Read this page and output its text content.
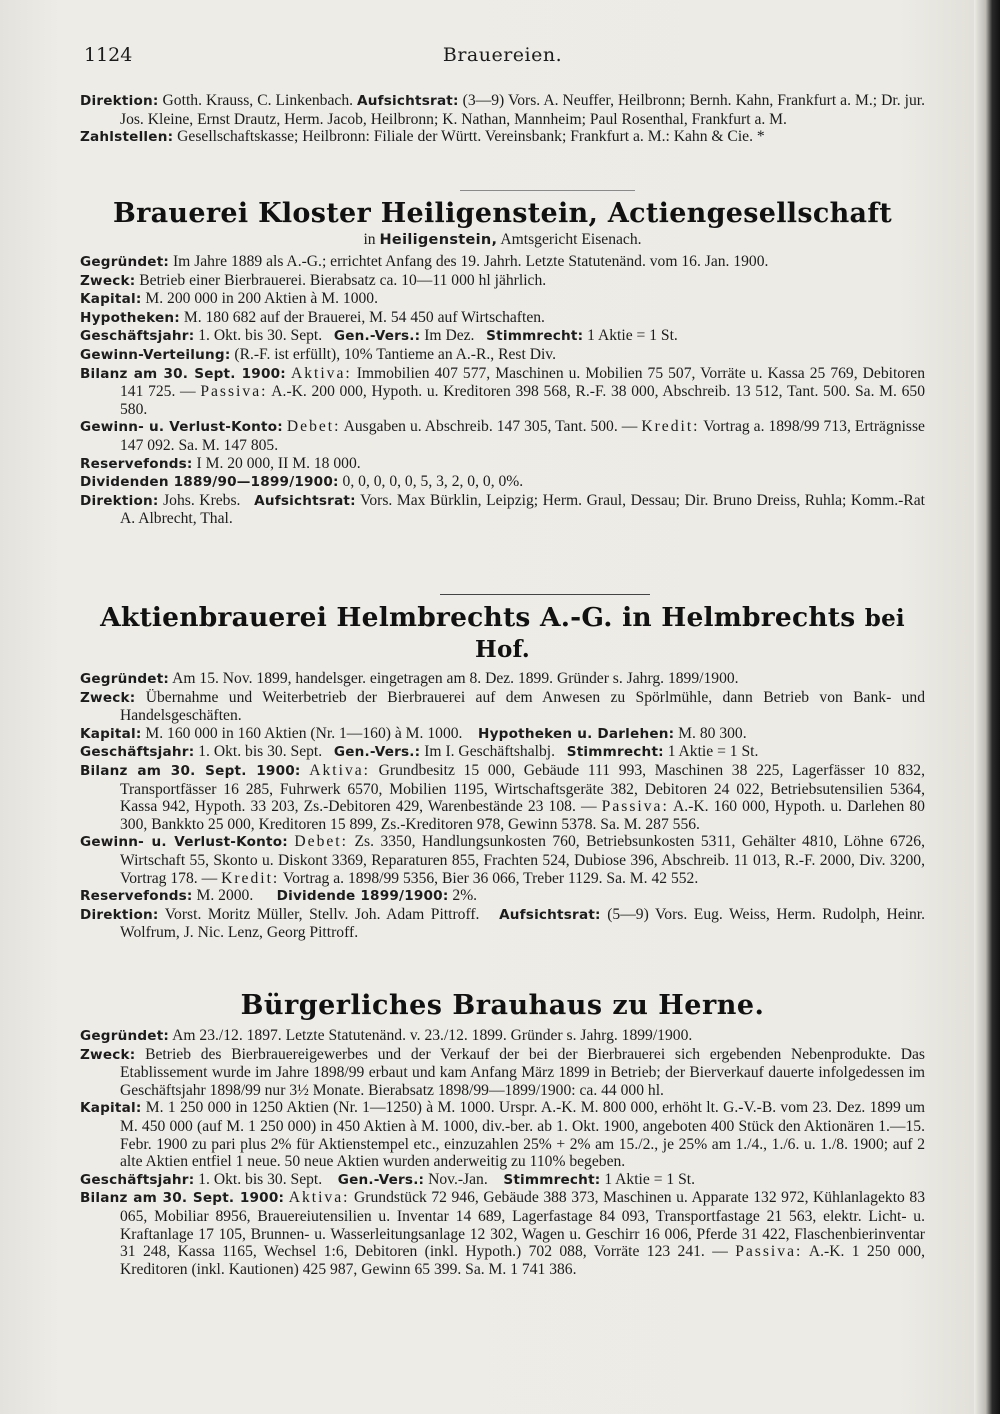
1124	Brauereien.

Direktion: Gotth. Krauss, C. Linkenbach. Aufsichtsrat: (3—9) Vors. A. Neuffer, Heilbronn; Bernh. Kahn, Frankfurt a. M.; Dr. jur. Jos. Kleine, Ernst Drautz, Herm. Jacob, Heilbronn; K. Nathan, Mannheim; Paul Rosenthal, Frankfurt a. M.

Zahlstellen: Gesellschaftskasse; Heilbronn: Filiale der Württ. Vereinsbank; Frankfurt a. M.: Kahn & Cie. *

Brauerei Kloster Heiligenstein, Actiengesellschaft
in Heiligenstein, Amtsgericht Eisenach.

Gegründet: Im Jahre 1889 als A.-G.; errichtet Anfang des 19. Jahrh. Letzte Statutenänd. vom 16. Jan. 1900.

Zweck: Betrieb einer Bierbrauerei. Bierabsatz ca. 10—11 000 hl jährlich.

Kapital: M. 200 000 in 200 Aktien à M. 1000.

Hypotheken: M. 180 682 auf der Brauerei, M. 54 450 auf Wirtschaften.

Geschäftsjahr: 1. Okt. bis 30. Sept. Gen.-Vers.: Im Dez. Stimmrecht: 1 Aktie = 1 St.

Gewinn-Verteilung: (R.-F. ist erfüllt), 10% Tantieme an A.-R., Rest Div.

Bilanz am 30. Sept. 1900: Aktiva: Immobilien 407 577, Maschinen u. Mobilien 75 507, Vorräte u. Kassa 25 769, Debitoren 141 725. — Passiva: A.-K. 200 000, Hypoth. u. Kreditoren 398 568, R.-F. 38 000, Abschreib. 13 512, Tant. 500. Sa. M. 650 580.

Gewinn- u. Verlust-Konto: Debet: Ausgaben u. Abschreib. 147 305, Tant. 500. — Kredit: Vortrag a. 1898/99 713, Erträgnisse 147 092. Sa. M. 147 805.

Reservefonds: I M. 20 000, II M. 18 000.

Dividenden 1889/90—1899/1900: 0, 0, 0, 0, 0, 5, 3, 2, 0, 0, 0%.

Direktion: Johs. Krebs. Aufsichtsrat: Vors. Max Bürklin, Leipzig; Herm. Graul, Dessau; Dir. Bruno Dreiss, Ruhla; Komm.-Rat A. Albrecht, Thal.

Aktienbrauerei Helmbrechts A.-G. in Helmbrechts bei Hof.

Gegründet: Am 15. Nov. 1899, handelsger. eingetragen am 8. Dez. 1899. Gründer s. Jahrg. 1899/1900.

Zweck: Übernahme und Weiterbetrieb der Bierbrauerei auf dem Anwesen zu Spörlmühle, dann Betrieb von Bank- und Handelsgeschäften.

Kapital: M. 160 000 in 160 Aktien (Nr. 1—160) à M. 1000. Hypotheken u. Darlehen: M. 80 300.

Geschäftsjahr: 1. Okt. bis 30. Sept. Gen.-Vers.: Im I. Geschäftshalbj. Stimmrecht: 1 Aktie = 1 St.

Bilanz am 30. Sept. 1900: Aktiva: Grundbesitz 15 000, Gebäude 111 993, Maschinen 38 225, Lagerfässer 10 832, Transportfässer 16 285, Fuhrwerk 6570, Mobilien 1195, Wirtschaftsgeräte 382, Debitoren 24 022, Betriebsutensilien 5364, Kassa 942, Hypoth. 33 203, Zs.-Debitoren 429, Warenbestände 23 108. — Passiva: A.-K. 160 000, Hypoth. u. Darlehen 80 300, Bankkto 25 000, Kreditoren 15 899, Zs.-Kreditoren 978, Gewinn 5378. Sa. M. 287 556.

Gewinn- u. Verlust-Konto: Debet: Zs. 3350, Handlungsunkosten 760, Betriebsunkosten 5311, Gehälter 4810, Löhne 6726, Wirtschaft 55, Skonto u. Diskont 3369, Reparaturen 855, Frachten 524, Dubiose 396, Abschreib. 11 013, R.-F. 2000, Div. 3200, Vortrag 178. — Kredit: Vortrag a. 1898/99 5356, Bier 36 066, Treber 1129. Sa. M. 42 552.

Reservefonds: M. 2000. Dividende 1899/1900: 2%.

Direktion: Vorst. Moritz Müller, Stellv. Joh. Adam Pittroff. Aufsichtsrat: (5—9) Vors. Eug. Weiss, Herm. Rudolph, Heinr. Wolfrum, J. Nic. Lenz, Georg Pittroff.

Bürgerliches Brauhaus zu Herne.

Gegründet: Am 23./12. 1897. Letzte Statutenänd. v. 23./12. 1899. Gründer s. Jahrg. 1899/1900.

Zweck: Betrieb des Bierbrauereigewerbes und der Verkauf der bei der Bierbrauerei sich ergebenden Nebenprodukte. Das Etablissement wurde im Jahre 1898/99 erbaut und kam Anfang März 1899 in Betrieb; der Bierverkauf dauerte infolgedessen im Geschäftsjahr 1898/99 nur 3½ Monate. Bierabsatz 1898/99—1899/1900: ca. 44 000 hl.

Kapital: M. 1 250 000 in 1250 Aktien (Nr. 1—1250) à M. 1000. Urspr. A.-K. M. 800 000, erhöht lt. G.-V.-B. vom 23. Dez. 1899 um M. 450 000 (auf M. 1 250 000) in 450 Aktien à M. 1000, div.-ber. ab 1. Okt. 1900, angeboten 400 Stück den Aktionären 1.—15. Febr. 1900 zu pari plus 2% für Aktienstempel etc., einzuzahlen 25% + 2% am 15./2., je 25% am 1./4., 1./6. u. 1./8. 1900; auf 2 alte Aktien entfiel 1 neue. 50 neue Aktien wurden anderweitig zu 110% begeben.

Geschäftsjahr: 1. Okt. bis 30. Sept. Gen.-Vers.: Nov.-Jan. Stimmrecht: 1 Aktie = 1 St.

Bilanz am 30. Sept. 1900: Aktiva: Grundstück 72 946, Gebäude 388 373, Maschinen u. Apparate 132 972, Kühlanlagekto 83 065, Mobiliar 8956, Brauereiutensilien u. Inventar 14 689, Lagerfastage 84 093, Transportfastage 21 563, elektr. Licht- u. Kraftanlage 17 105, Brunnen- u. Wasserleitungsanlage 12 302, Wagen u. Geschirr 16 006, Pferde 31 422, Flaschenbierinventar 31 248, Kassa 1165, Wechsel 1:6, Debitoren (inkl. Hypoth.) 702 088, Vorräte 123 241. — Passiva: A.-K. 1 250 000, Kreditoren (inkl. Kautionen) 425 987, Gewinn 65 399. Sa. M. 1 741 386.
